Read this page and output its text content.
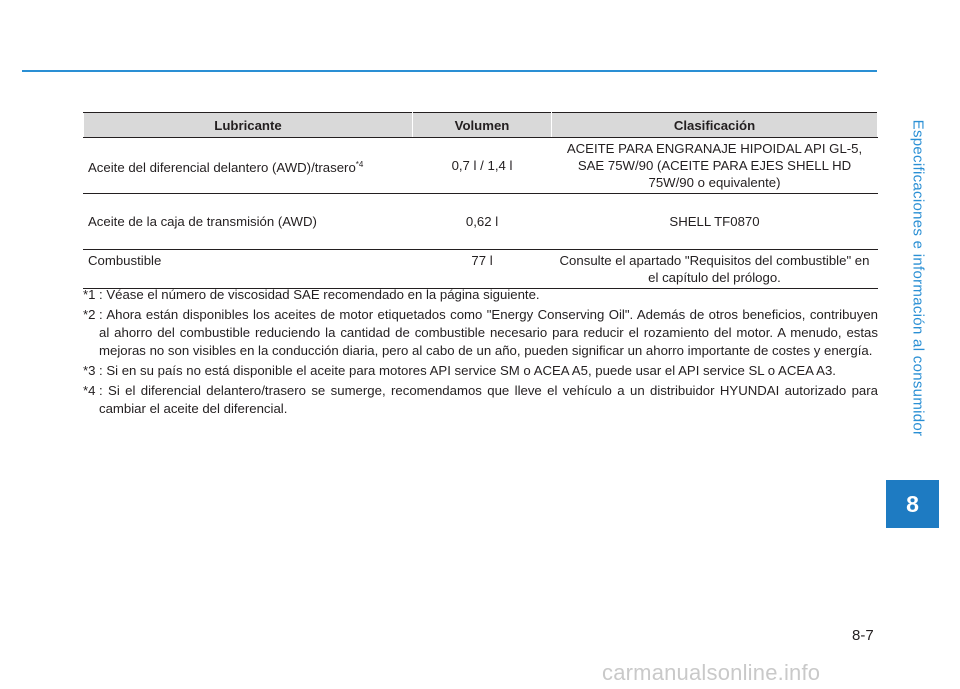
Especificaciones e información al consumidor
8
Lubricante	Volumen	Clasificación
Aceite del diferencial delantero (AWD)/trasero$^{*4}$	0,7 l / 1,4 l	ACEITE PARA ENGRANAJE HIPOIDAL API GL-5,
SAE 75W/90 (ACEITE PARA EJES SHELL HD
75W/90 o equivalente)

Aceite de la caja de transmisión (AWD)	0,62 l	SHELL TF0870

Combustible	77 l	Consulte el apartado "Requisitos del combustible" en
el capítulo del prólogo.
*1 : Véase el número de viscosidad SAE recomendado en la página siguiente.
*2 : Ahora están disponibles los aceites de motor etiquetados como "Energy Conserving Oil". Además de otros beneficios, contribuyen al ahorro del combustible reduciendo la cantidad de combustible necesario para reducir el rozamiento del motor. A menudo, estas mejoras no son visibles en la conducción diaria, pero al cabo de un año, pueden significar un ahorro importante de costes y energía.
*3 : Si en su país no está disponible el aceite para motores API service SM o ACEA A5, puede usar el API service SL o ACEA A3.
*4 : Si el diferencial delantero/trasero se sumerge, recomendamos que lleve el vehículo a un distribuidor HYUNDAI autorizado para cambiar el aceite del diferencial.
8-7
carmanualsonline.info
